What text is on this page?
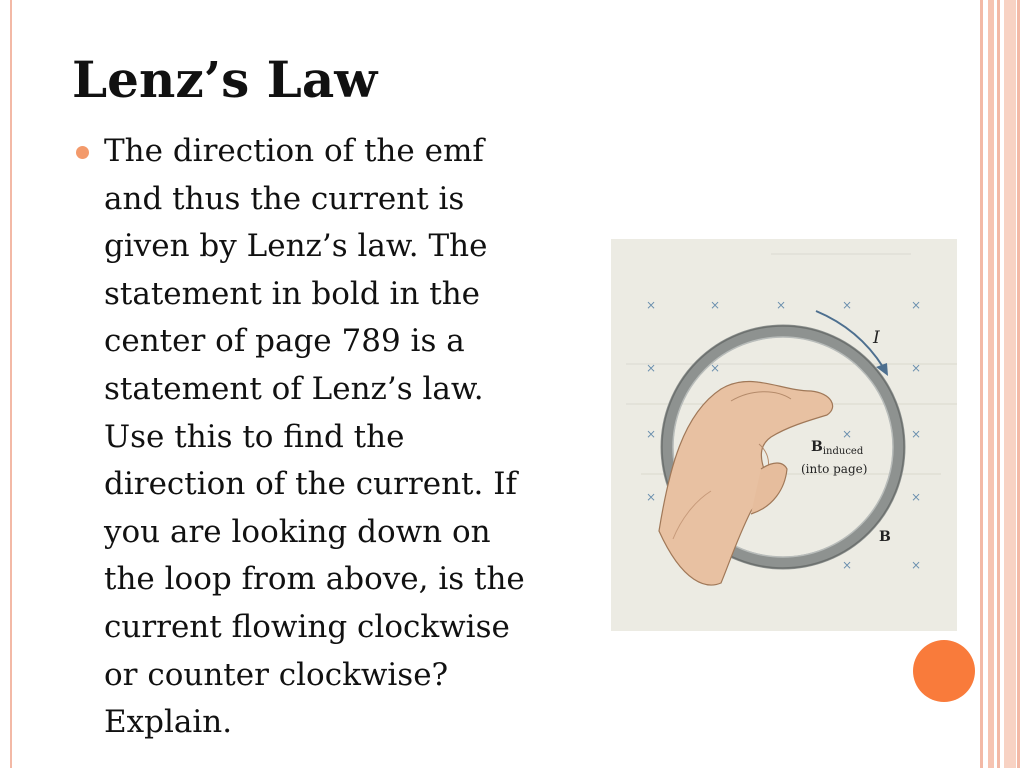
Lenz’s Law

The direction of the emf
and thus the current is
given by Lenz’s law. The
statement in bold in the
center of page 789 is a
statement of Lenz’s law.
Use this to find the
direction of the current. If
you are looking down on
the loop from above, is the
current flowing clockwise
or counter clockwise?
Explain.

×	×	×	×	×
×	×	×
×	×	×
×	×
×	×	×
I
$B_{induced}$
(into page)
B
